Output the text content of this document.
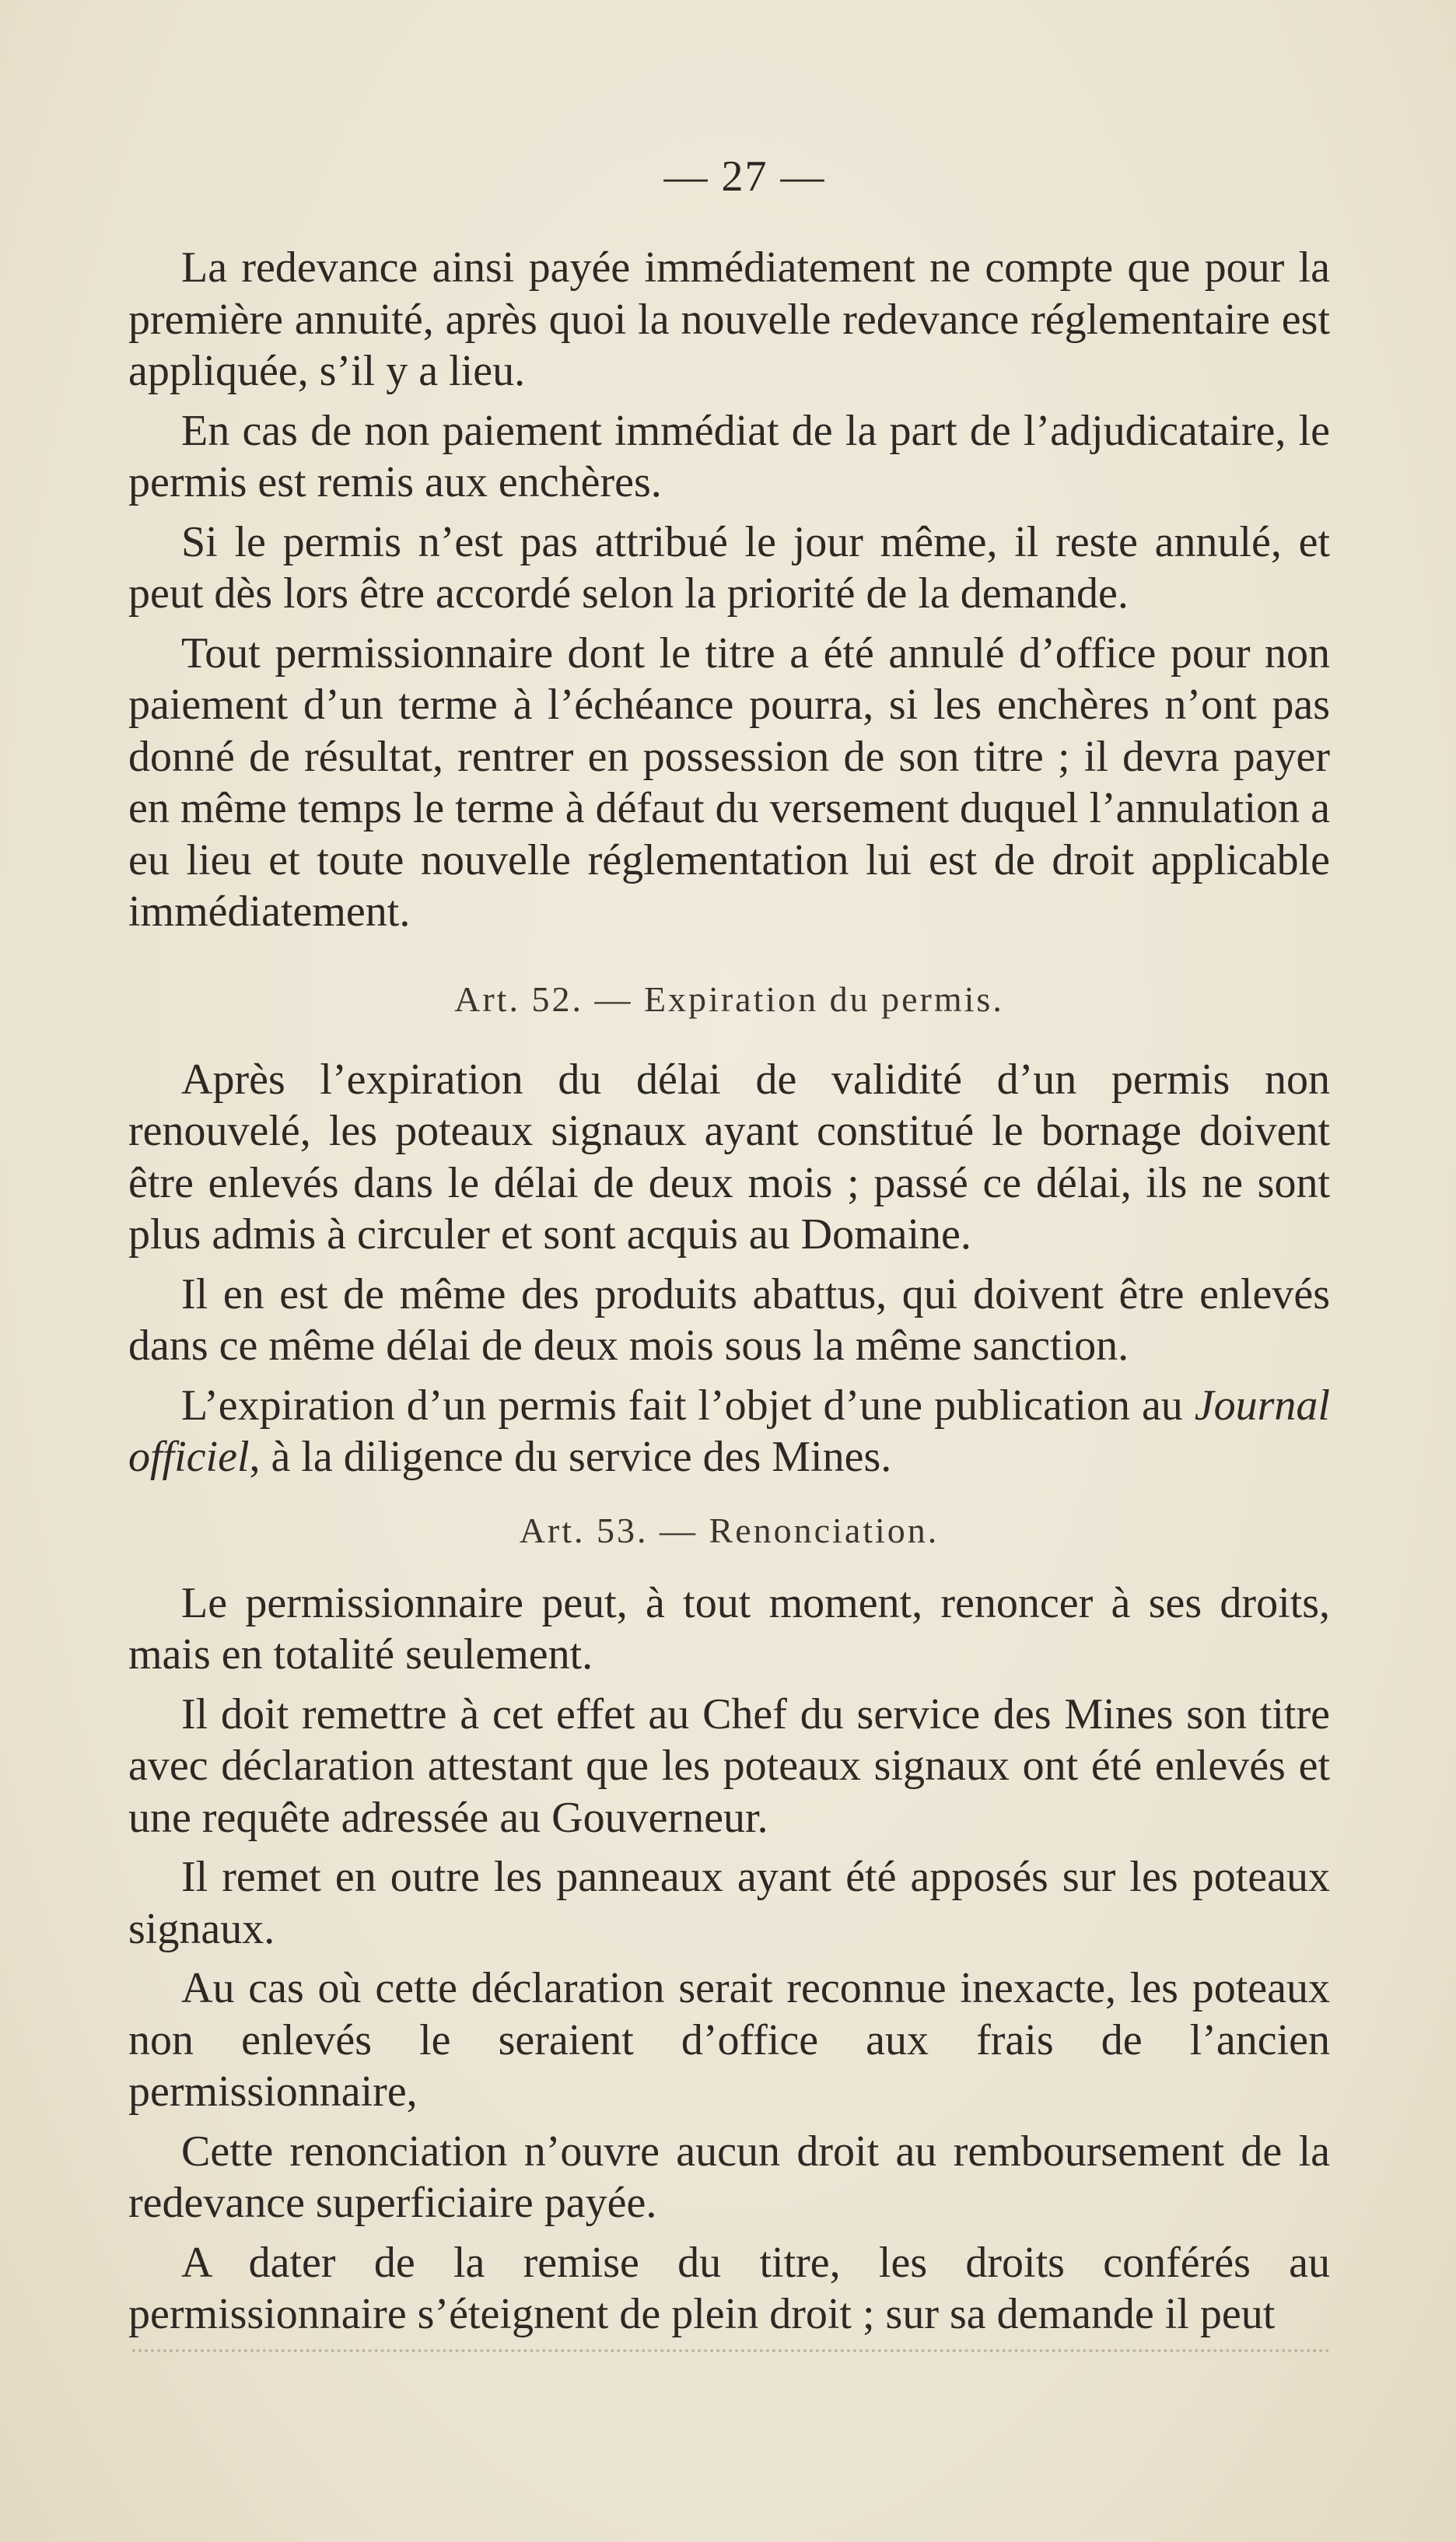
— 27 —

La redevance ainsi payée immédiatement ne compte que pour la première annuité, après quoi la nouvelle redevance réglementaire est appliquée, s’il y a lieu.

En cas de non paiement immédiat de la part de l’adjudicataire, le permis est remis aux enchères.

Si le permis n’est pas attribué le jour même, il reste annulé, et peut dès lors être accordé selon la priorité de la demande.

Tout permissionnaire dont le titre a été annulé d’office pour non paiement d’un terme à l’échéance pourra, si les enchères n’ont pas donné de résultat, rentrer en possession de son titre ; il devra payer en même temps le terme à défaut du versement duquel l’annulation a eu lieu et toute nouvelle réglementation lui est de droit applicable immédiatement.

Art. 52. — Expiration du permis.

Après l’expiration du délai de validité d’un permis non renouvelé, les poteaux signaux ayant constitué le bornage doivent être enlevés dans le délai de deux mois ; passé ce délai, ils ne sont plus admis à circuler et sont acquis au Domaine.

Il en est de même des produits abattus, qui doivent être enlevés dans ce même délai de deux mois sous la même sanction.

L’expiration d’un permis fait l’objet d’une publication au Journal officiel, à la diligence du service des Mines.

Art. 53. — Renonciation.

Le permissionnaire peut, à tout moment, renoncer à ses droits, mais en totalité seulement.

Il doit remettre à cet effet au Chef du service des Mines son titre avec déclaration attestant que les poteaux signaux ont été enlevés et une requête adressée au Gouverneur.

Il remet en outre les panneaux ayant été apposés sur les poteaux signaux.

Au cas où cette déclaration serait reconnue inexacte, les poteaux non enlevés le seraient d’office aux frais de l’ancien permissionnaire,

Cette renonciation n’ouvre aucun droit au remboursement de la redevance superficiaire payée.

A dater de la remise du titre, les droits conférés au permissionnaire s’éteignent de plein droit ; sur sa demande il peut
